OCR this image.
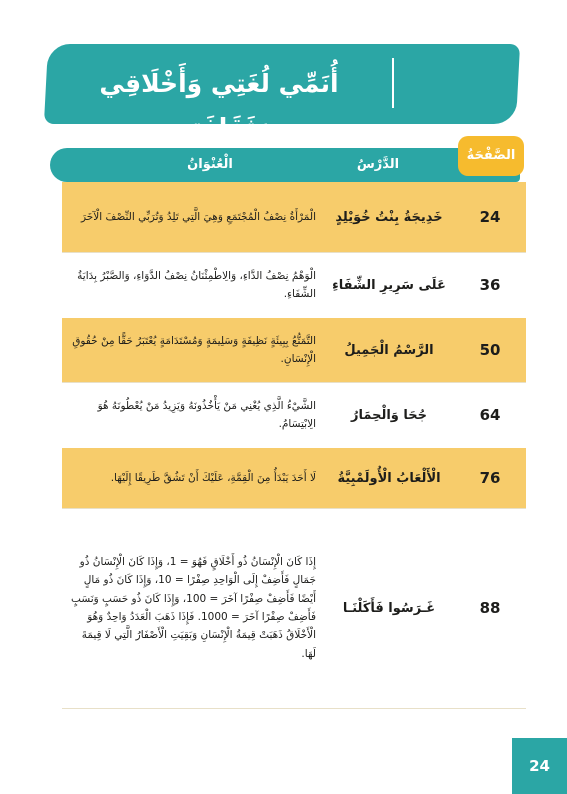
أُنَمِّي لُغَتِي وَأَخْلَاقِي وَثَقَافَتِي
الصَّفْحَةُ
الدَّرْسُ
الْعُنْوَانُ
24
خَدِيجَةُ بِنْتُ خُوَيْلِدٍ
الْمَرْأَةُ نِصْفُ الْمُجْتَمَعِ وَهِيَ الَّتِي تَلِدُ وَتُرَبِّي النِّصْفَ الْآخَرَ
36
عَلَى سَرِيرِ الشِّفَاءِ
الْوَهْمُ نِصْفُ الدَّاءِ، وَالِاطْمِئْنَانُ نِصْفُ الدَّوَاءِ، وَالصَّبْرُ بِدَايَةُ الشِّفَاءِ.
50
الرَّسْمُ الْجَمِيلُ
التَّمَتُّعُ بِبِيئَةٍ نَظِيفَةٍ وَسَلِيمَةٍ وَمُسْتَدَامَةٍ يُعْتَبَرُ حَقًّا مِنْ حُقُوقِ الْإِنْسَانِ.
64
جُحَا وَالْحِمَارُ
الشَّيْءُ الَّذِي يُغْنِي مَنْ يَأْخُذُونَهُ وَيَزِيدُ مَنْ يُعْطُونَهُ هُوَ الِابْتِسَامُ.
76
الْأَلْعَابُ الْأُولَمْبِيَّةُ
لَا أَحَدَ يَبْدَأُ مِنَ الْقِمَّةِ، عَلَيْكَ أَنْ تَشُقَّ طَرِيقًا إِلَيْهَا.
88
غَـرَسُوا فَأَكَلْنَـا
إِذَا كَانَ الْإِنْسَانُ ذُو أَخْلَاقٍ فَهُوَ = 1، وَإِذَا كَانَ الْإِنْسَانُ ذُو جَمَالٍ فَأَضِفْ إِلَى الْوَاحِدِ صِفْرًا = 10، وَإِذَا كَانَ ذُو مَالٍ أَيْضًا فَأَضِفْ صِفْرًا آخَرَ = 100، وَإِذَا كَانَ ذُو حَسَبٍ وَنَسَبٍ فَأَضِفْ صِفْرًا آخَرَ = 1000. فَإِذَا ذَهَبَ الْعَدَدُ وَاحِدٌ وَهُوَ الْأَخْلَاقُ ذَهَبَتْ قِيمَةُ الْإِنْسَانِ وَبَقِيَتِ الْأَصْفَارُ الَّتِي لَا قِيمَةَ لَهَا.
24
